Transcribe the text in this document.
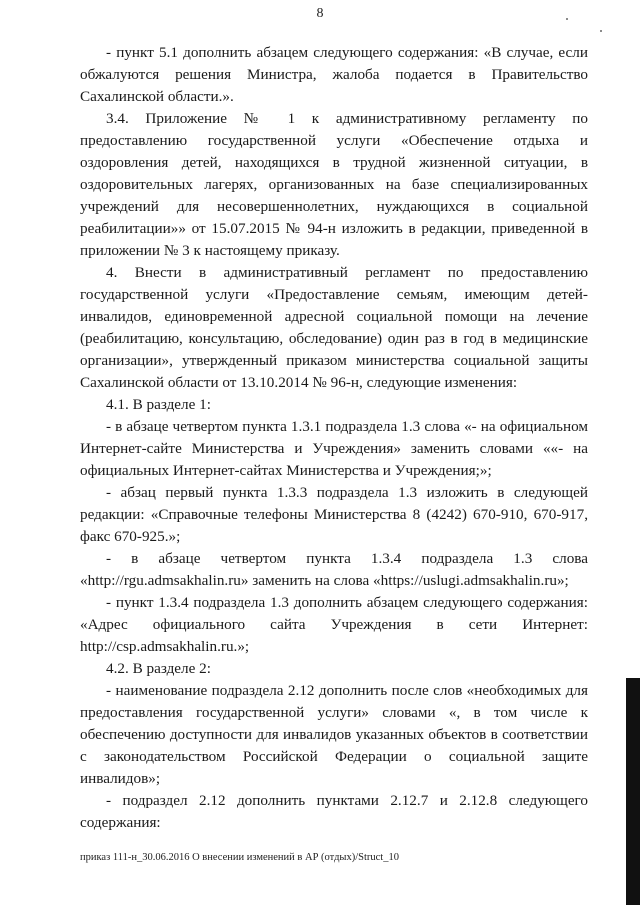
8

- пункт 5.1 дополнить абзацем следующего содержания: «В случае, если обжалуются решения Министра, жалоба подается в Правительство Сахалинской области.».

3.4. Приложение № 1 к административному регламенту по предоставлению государственной услуги «Обеспечение отдыха и оздоровления детей, находящихся в трудной жизненной ситуации, в оздоровительных лагерях, организованных на базе специализированных учреждений для несовершеннолетних, нуждающихся в социальной реабилитации»» от 15.07.2015 № 94-н изложить в редакции, приведенной в приложении № 3 к настоящему приказу.

4. Внести в административный регламент по предоставлению государственной услуги «Предоставление семьям, имеющим детей-инвалидов, единовременной адресной социальной помощи на лечение (реабилитацию, консультацию, обследование) один раз в год в медицинские организации», утвержденный приказом министерства социальной защиты Сахалинской области от 13.10.2014 № 96-н, следующие изменения:

4.1. В разделе 1:

- в абзаце четвертом пункта 1.3.1 подраздела 1.3 слова «- на официальном Интернет-сайте Министерства и Учреждения» заменить словами ««- на официальных Интернет-сайтах Министерства и Учреждения;»;

- абзац первый пункта 1.3.3 подраздела 1.3 изложить в следующей редакции: «Справочные телефоны Министерства 8 (4242) 670-910, 670-917, факс 670-925.»;

- в абзаце четвертом пункта 1.3.4 подраздела 1.3 слова «http://rgu.admsakhalin.ru» заменить на слова «https://uslugi.admsakhalin.ru»;

- пункт 1.3.4 подраздела 1.3 дополнить абзацем следующего содержания: «Адрес официального сайта Учреждения в сети Интернет: http://csp.admsakhalin.ru.»;

4.2. В разделе 2:

- наименование подраздела 2.12 дополнить после слов «необходимых для предоставления государственной услуги» словами «, в том числе к обеспечению доступности для инвалидов указанных объектов в соответствии с законодательством Российской Федерации о социальной защите инвалидов»;

- подраздел 2.12 дополнить пунктами 2.12.7 и 2.12.8 следующего содержания:

приказ 111-н_30.06.2016 О внесении изменений в АР (отдых)/Struct_10
